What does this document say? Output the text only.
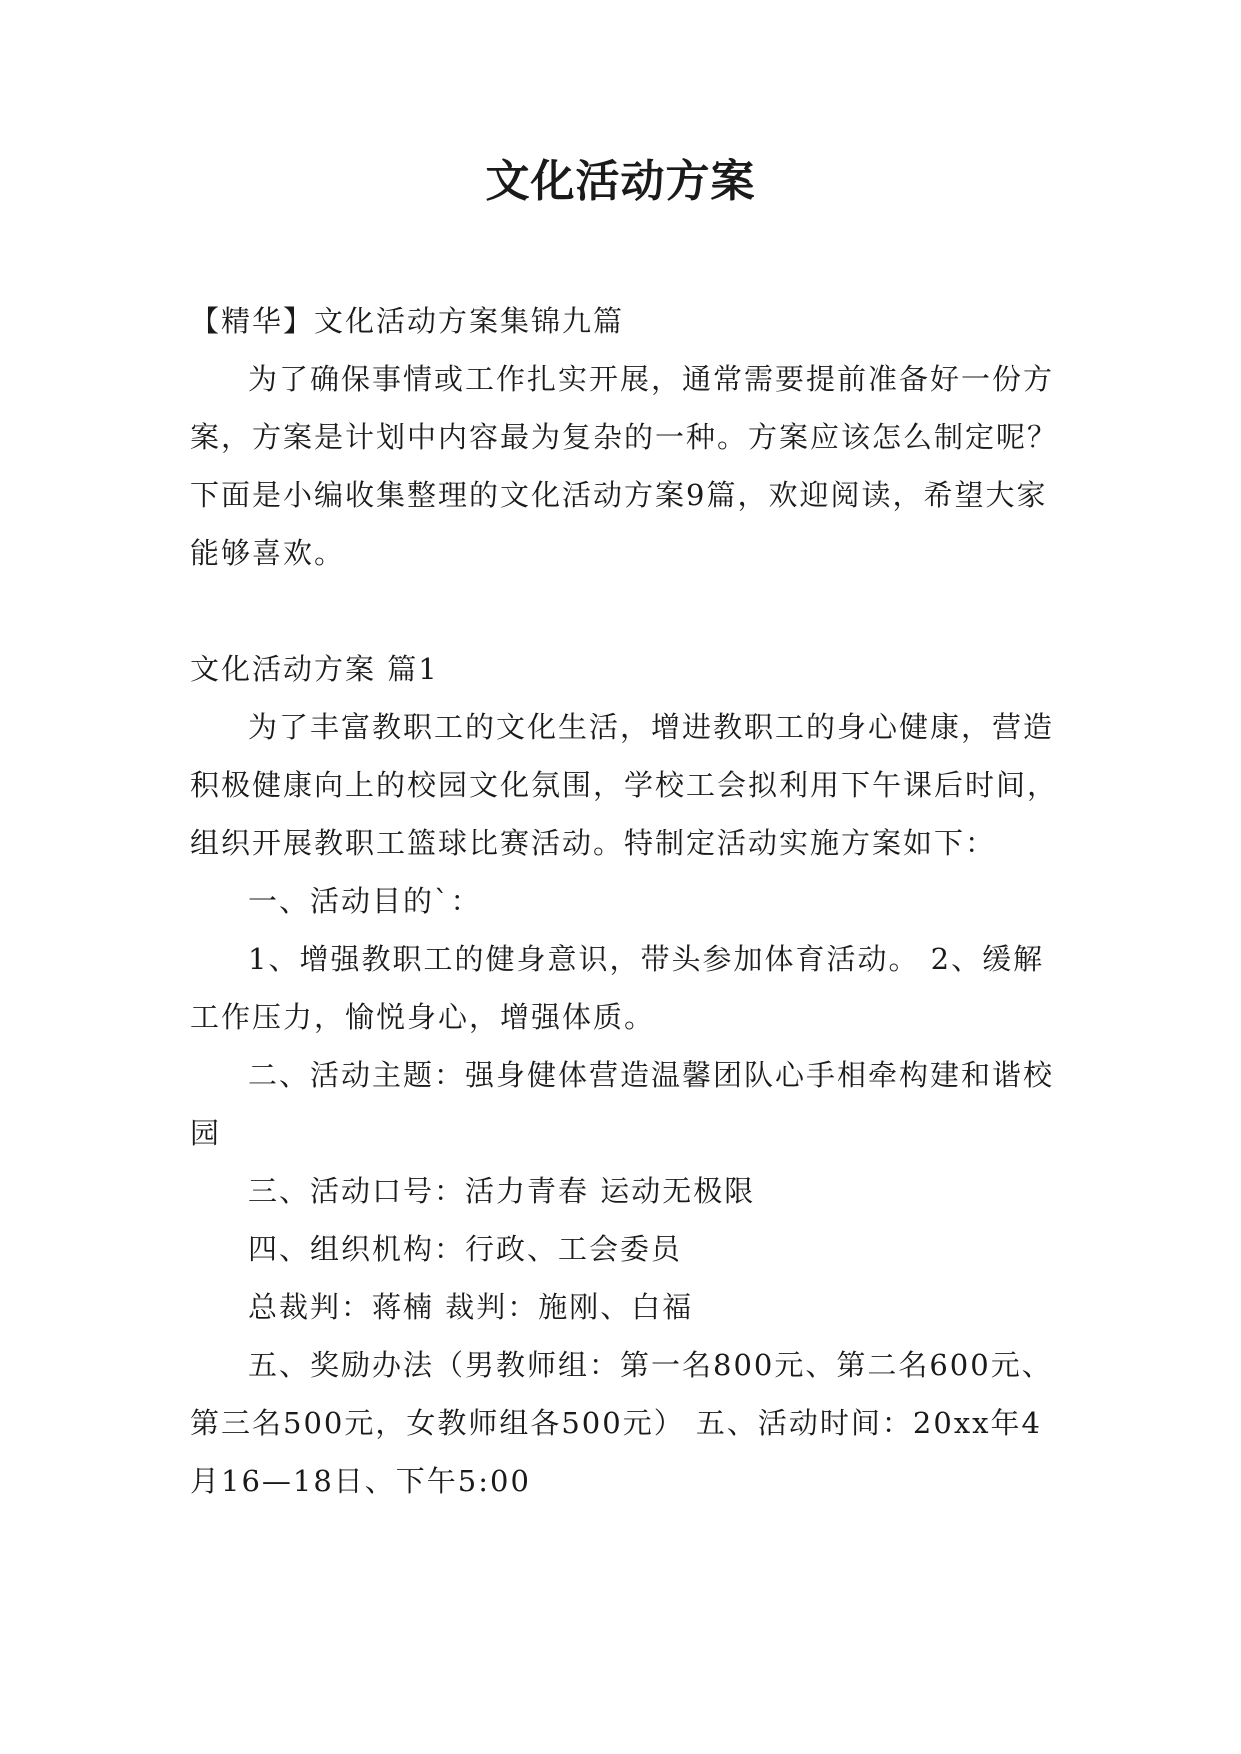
文化活动方案

【精华】文化活动方案集锦九篇

为了确保事情或工作扎实开展，通常需要提前准备好一份方案，方案是计划中内容最为复杂的一种。方案应该怎么制定呢？下面是小编收集整理的文化活动方案9篇，欢迎阅读，希望大家能够喜欢。

文化活动方案 篇1

为了丰富教职工的文化生活，增进教职工的身心健康，营造积极健康向上的校园文化氛围，学校工会拟利用下午课后时间，组织开展教职工篮球比赛活动。特制定活动实施方案如下：

一、活动目的`：

1、增强教职工的健身意识，带头参加体育活动。 2、缓解工作压力，愉悦身心，增强体质。

二、活动主题：强身健体营造温馨团队心手相牵构建和谐校园

三、活动口号：活力青春 运动无极限

四、组织机构：行政、工会委员

总裁判：蒋楠 裁判：施刚、白福

五、奖励办法（男教师组：第一名800元、第二名600元、第三名500元，女教师组各500元） 五、活动时间：20xx年4月16—18日、下午5:00
